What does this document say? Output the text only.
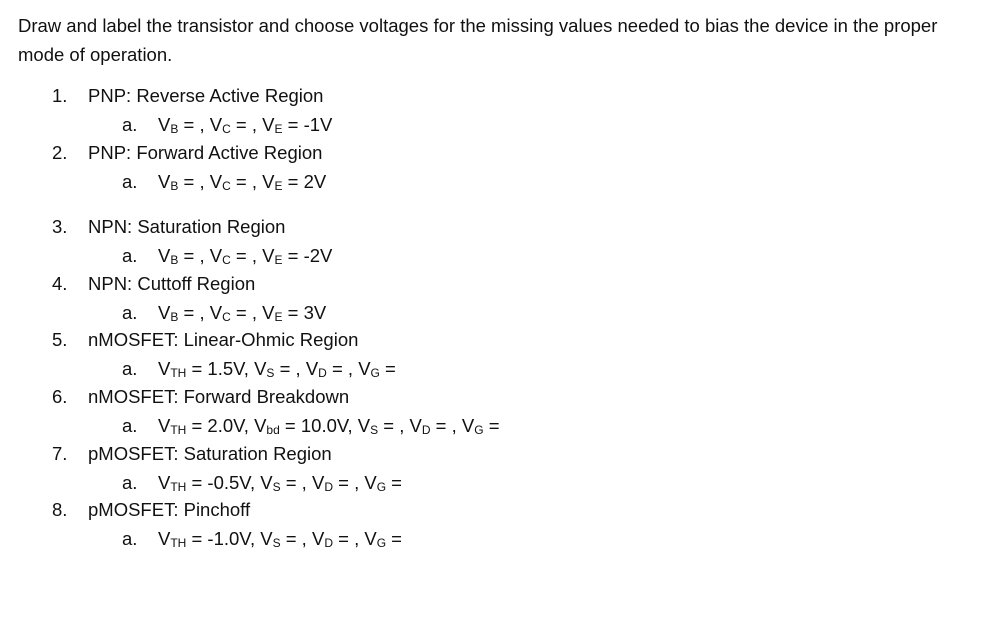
Draw and label the transistor and choose voltages for the missing values needed to bias the device in the proper mode of operation.
1. PNP: Reverse Active Region
a. $V_B$ = , $V_C$ = , $V_E = -1V$
2. PNP: Forward Active Region
a. $V_B$ = , $V_C$ = , $V_E = 2V$
3. NPN: Saturation Region
a. $V_B$ = , $V_C$ = , $V_E = -2V$
4. NPN: Cuttoff Region
a. $V_B$ = , $V_C$ = , $V_E = 3V$
5. nMOSFET: Linear-Ohmic Region
a. $V_{TH} = 1.5V$, $V_S$ = , $V_D$ = , $V_G$ =
6. nMOSFET: Forward Breakdown
a. $V_{TH} = 2.0V$, $V_{bd} = 10.0V$, $V_S$ = , $V_D$ = , $V_G$ =
7. pMOSFET: Saturation Region
a. $V_{TH} = -0.5V$, $V_S$ = , $V_D$ = , $V_G$ =
8. pMOSFET: Pinchoff
a. $V_{TH} = -1.0V$, $V_S$ = , $V_D$ = , $V_G$ =
